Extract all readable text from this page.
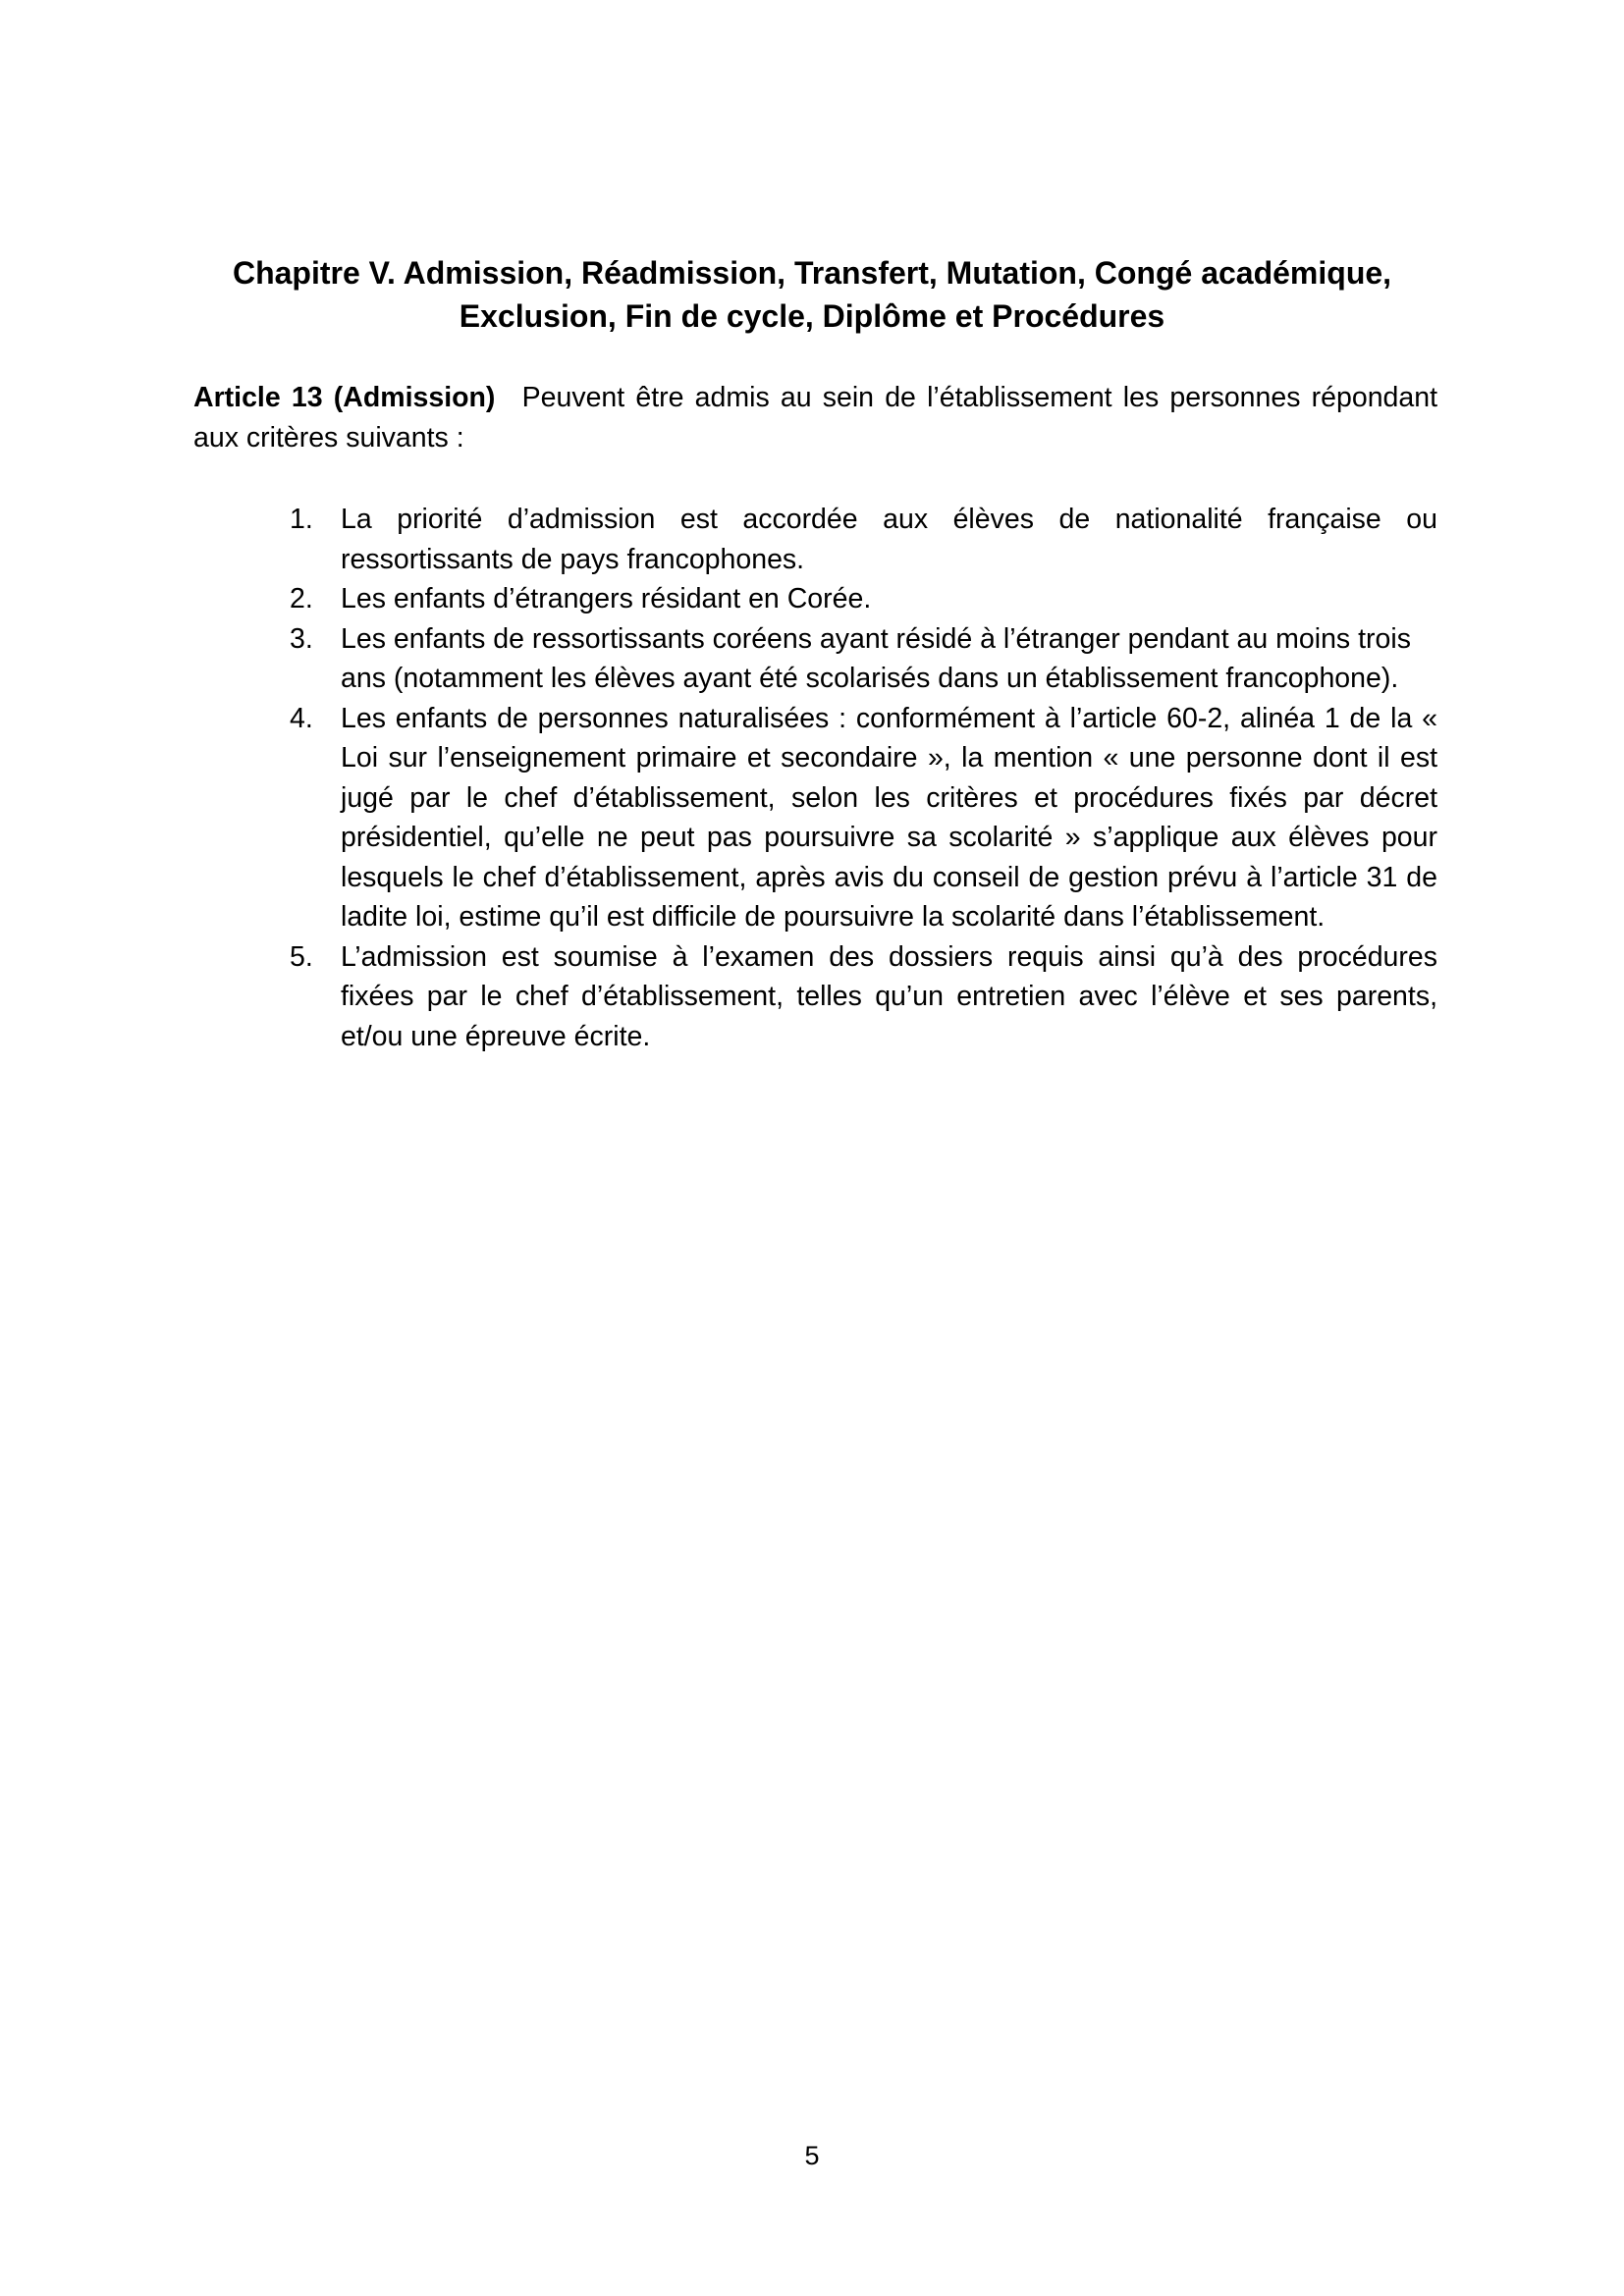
Chapitre V. Admission, Réadmission, Transfert, Mutation, Congé académique,
Exclusion, Fin de cycle, Diplôme et Procédures

Article 13 (Admission) Peuvent être admis au sein de l’établissement les personnes répondant aux critères suivants :

1. La priorité d’admission est accordée aux élèves de nationalité française ou ressortissants de pays francophones.
2. Les enfants d’étrangers résidant en Corée.
3. Les enfants de ressortissants coréens ayant résidé à l’étranger pendant au moins trois ans (notamment les élèves ayant été scolarisés dans un établissement francophone).
4. Les enfants de personnes naturalisées : conformément à l’article 60-2, alinéa 1 de la « Loi sur l’enseignement primaire et secondaire », la mention « une personne dont il est jugé par le chef d’établissement, selon les critères et procédures fixés par décret présidentiel, qu’elle ne peut pas poursuivre sa scolarité » s’applique aux élèves pour lesquels le chef d’établissement, après avis du conseil de gestion prévu à l’article 31 de ladite loi, estime qu’il est difficile de poursuivre la scolarité dans l’établissement.
5. L’admission est soumise à l’examen des dossiers requis ainsi qu’à des procédures fixées par le chef d’établissement, telles qu’un entretien avec l’élève et ses parents, et/ou une épreuve écrite.

5
